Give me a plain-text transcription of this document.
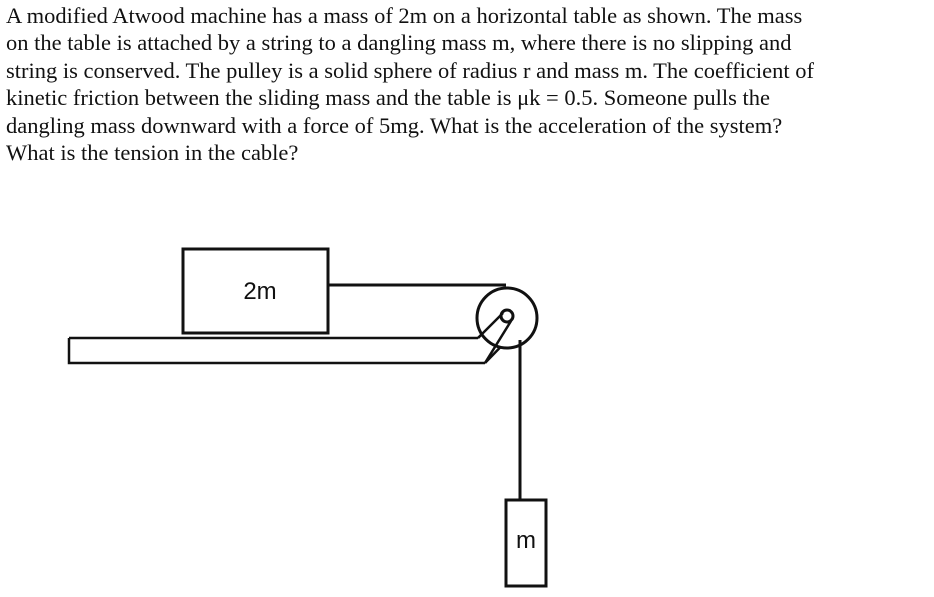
A modified Atwood machine has a mass of 2m on a horizontal table as shown. The mass
on the table is attached by a string to a dangling mass m, where there is no slipping and
string is conserved. The pulley is a solid sphere of radius r and mass m. The coefficient of
kinetic friction between the sliding mass and the table is μk = 0.5. Someone pulls the
dangling mass downward with a force of 5mg. What is the acceleration of the system?
What is the tension in the cable?
2m
m
